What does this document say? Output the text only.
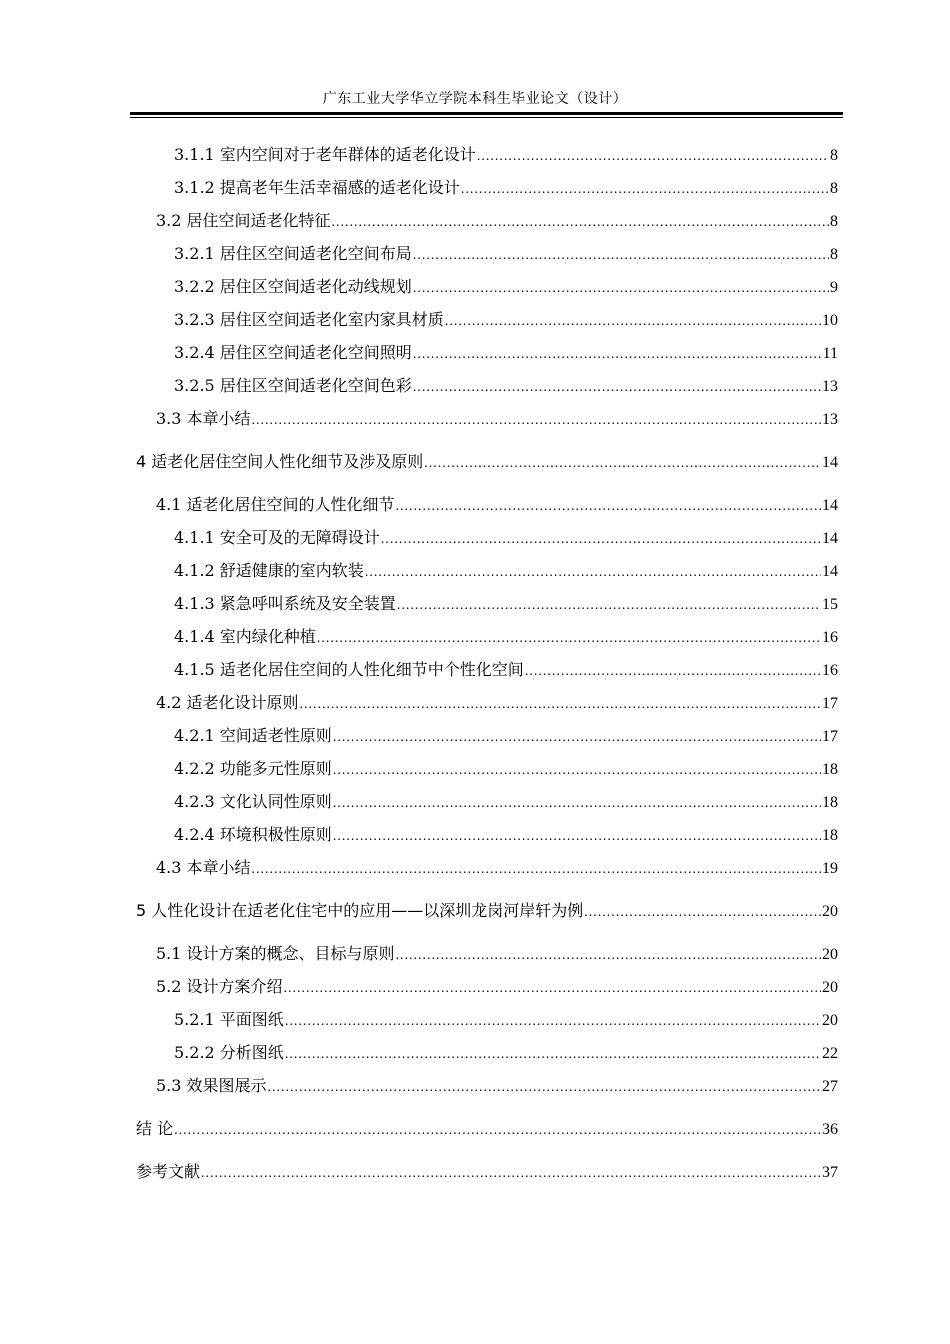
广东工业大学华立学院本科生毕业论文（设计）
3.1.1 室内空间对于老年群体的适老化设计 .....	8
3.1.2 提高老年生活幸福感的适老化设计 .....	8
3.2 居住空间适老化特征 .....	8
3.2.1 居住区空间适老化空间布局 .....	8
3.2.2 居住区空间适老化动线规划 .....	9
3.2.3 居住区空间适老化室内家具材质 .....	10
3.2.4 居住区空间适老化空间照明 .....	11
3.2.5 居住区空间适老化空间色彩 .....	13
3.3 本章小结 .....	13
4 适老化居住空间人性化细节及涉及原则 .....	14
4.1 适老化居住空间的人性化细节 .....	14
4.1.1 安全可及的无障碍设计 .....	14
4.1.2 舒适健康的室内软装 .....	14
4.1.3 紧急呼叫系统及安全装置 .....	15
4.1.4 室内绿化种植 .....	16
4.1.5 适老化居住空间的人性化细节中个性化空间 .....	16
4.2 适老化设计原则 .....	17
4.2.1 空间适老性原则 .....	17
4.2.2 功能多元性原则 .....	18
4.2.3 文化认同性原则 .....	18
4.2.4 环境积极性原则 .....	18
4.3 本章小结 .....	19
5 人性化设计在适老化住宅中的应用——以深圳龙岗河岸轩为例 .....	20
5.1 设计方案的概念、目标与原则 .....	20
5.2 设计方案介绍 .....	20
5.2.1 平面图纸 .....	20
5.2.2 分析图纸 .....	22
5.3 效果图展示 .....	27
结 论 .....	36
参考文献 .....	37
